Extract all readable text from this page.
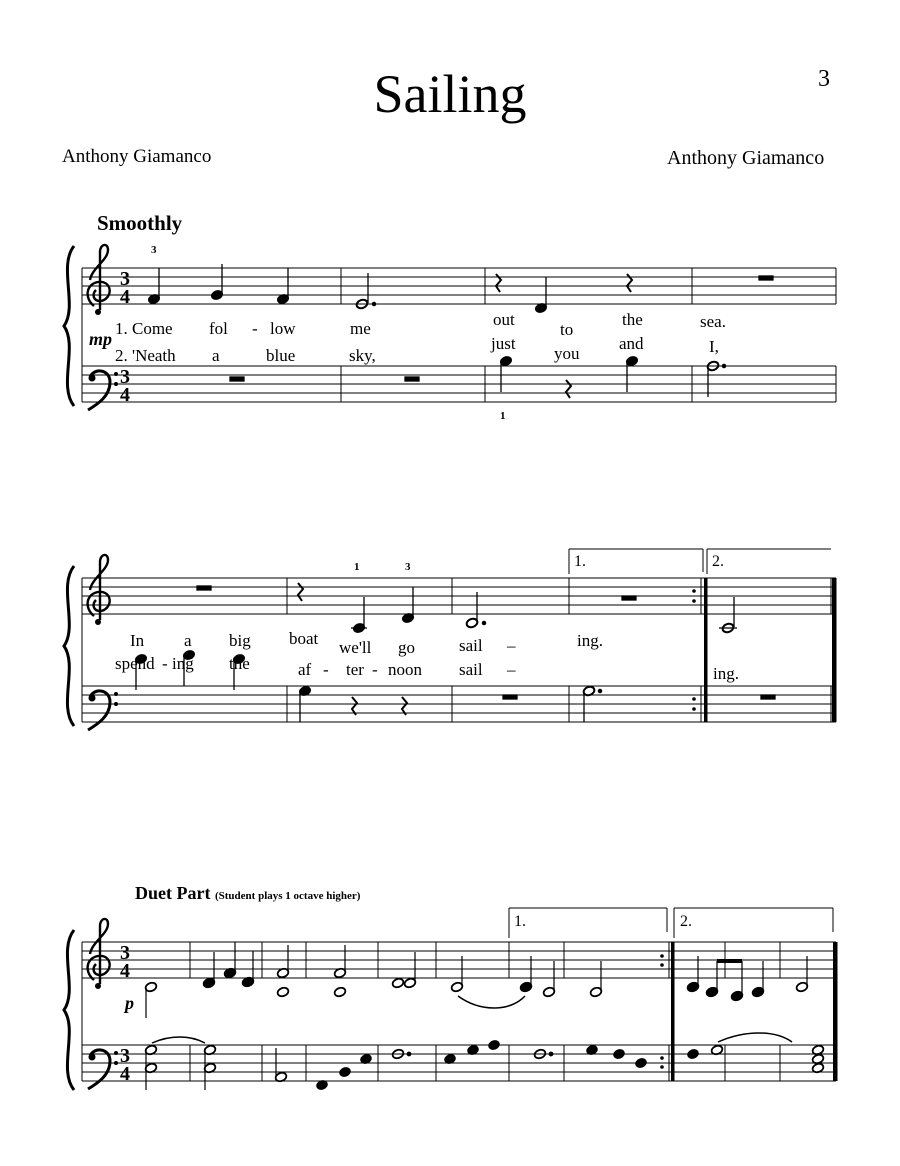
Sailing	3
Anthony Giamanco	Anthony Giamanco
Smoothly
3
4
3
4
3
4
3
4
mp
3
1
1. Come fol - low	me	out
to
the	sea.
2. 'Neath a	blue	sky,
just
you
and	I,
1	3	1.	2.
In a big boat we'll go	sail –	ing.
spend - ing the	af - ter - noon sail –	ing.
Duet Part (Student plays 1 octave higher)
1.	2.
p
